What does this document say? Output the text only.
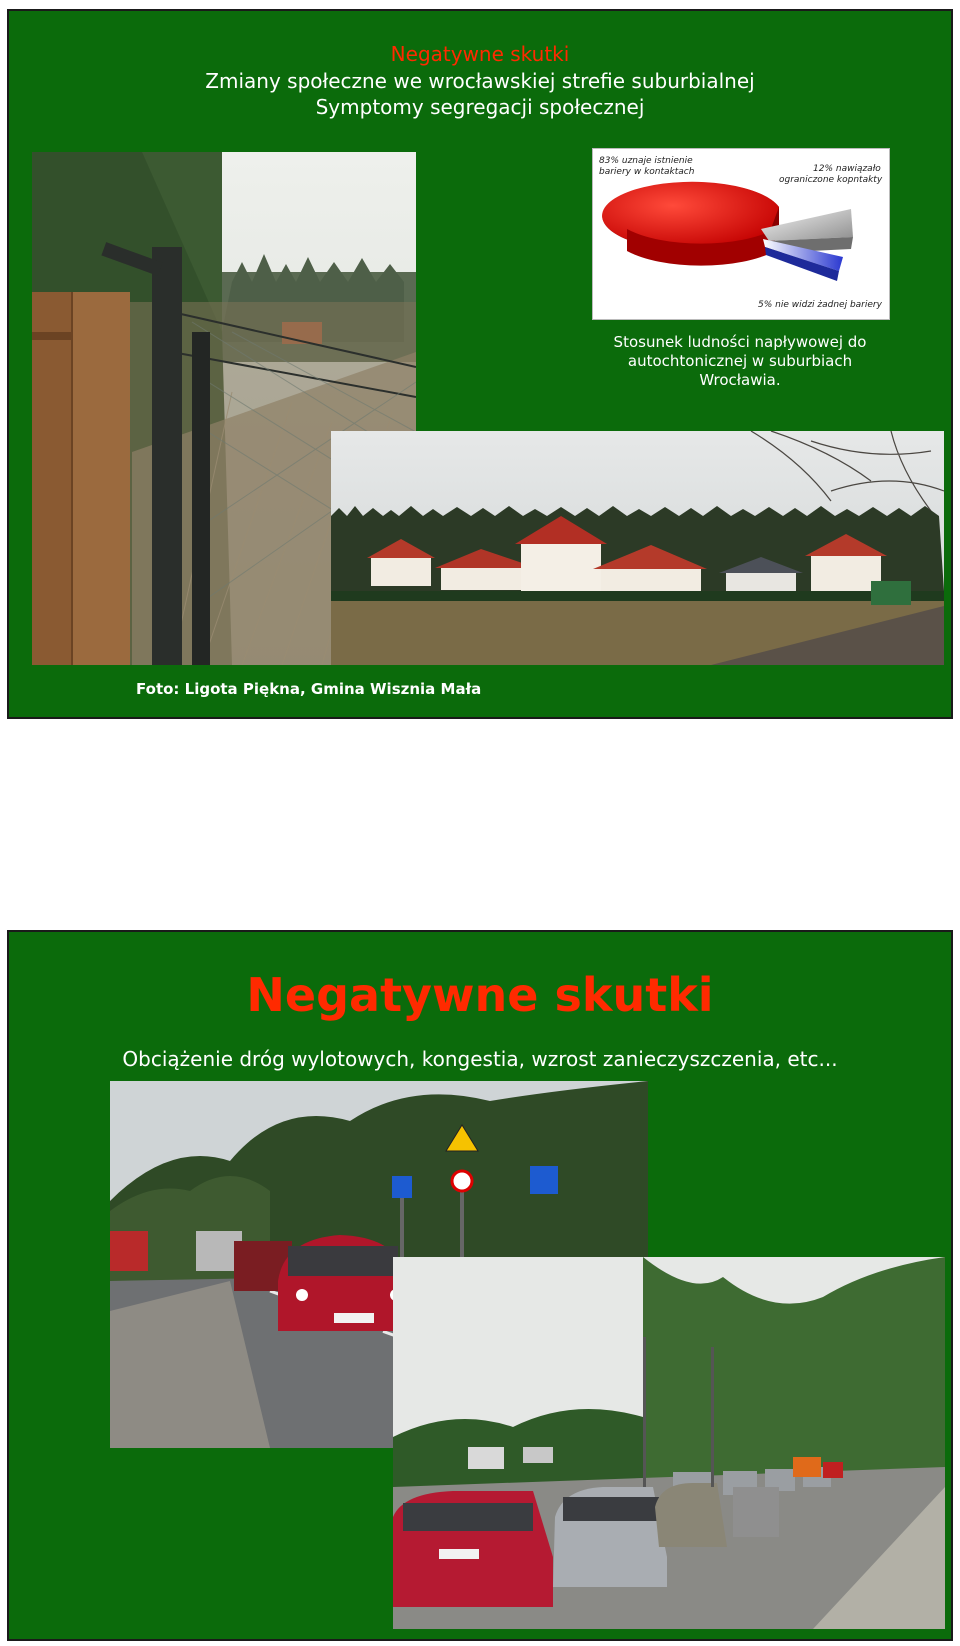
Negatywne skutki
Zmiany społeczne we wrocławskiej strefie suburbialnej
Symptomy segregacji społecznej
83% uznaje istnienie
bariery w kontaktach	12% nawiązało
ograniczone kopntakty
5% nie widzi żadnej bariery
Stosunek ludności napływowej do autochtonicznej w suburbiach Wrocławia.
Foto: Ligota Piękna, Gmina Wisznia Mała
Negatywne skutki
Obciążenie dróg wylotowych, kongestia, wzrost zanieczyszczenia, etc...
